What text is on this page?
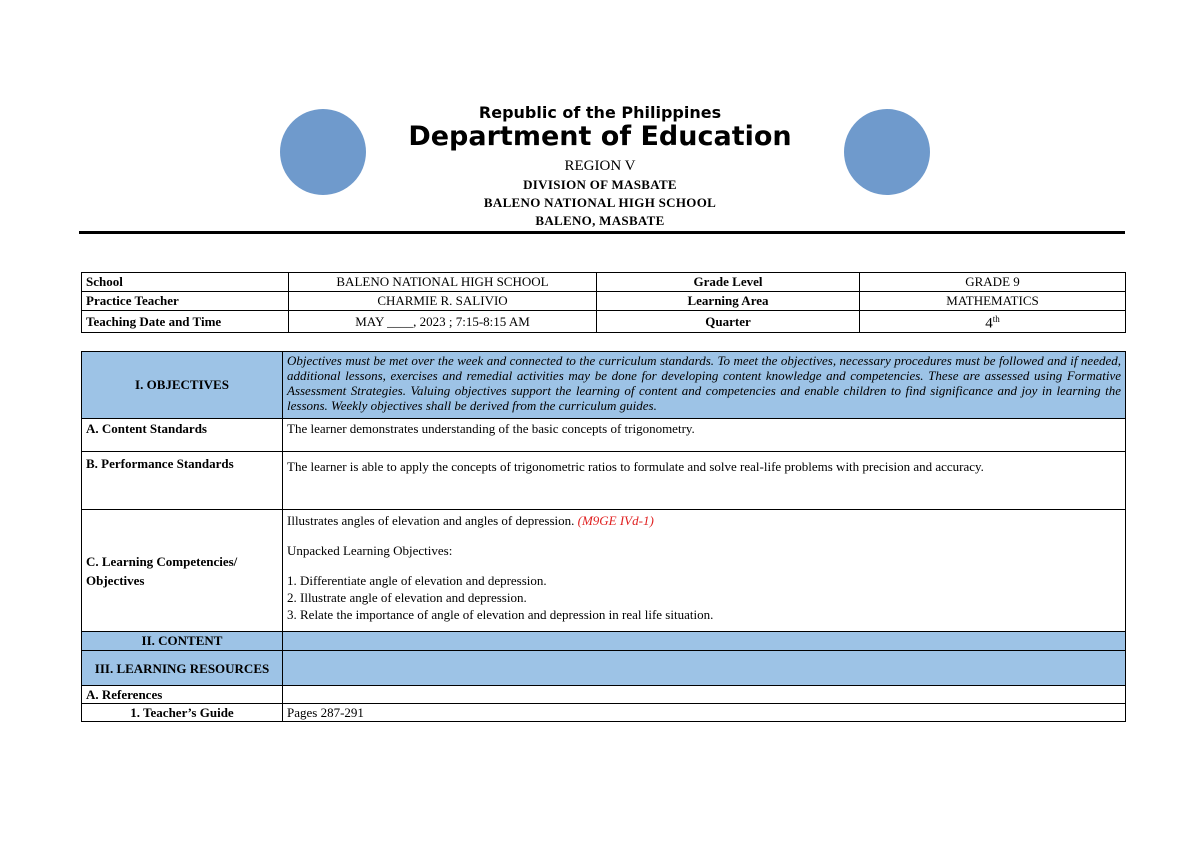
Republic of the Philippines
Department of Education
REGION V
DIVISION OF MASBATE
BALENO NATIONAL HIGH SCHOOL
BALENO, MASBATE
School	BALENO NATIONAL HIGH SCHOOL	Grade Level	GRADE 9
Practice Teacher	CHARMIE R. SALIVIO	Learning Area	MATHEMATICS
Teaching Date and Time	MAY ____, 2023 ; 7:15-8:15 AM	Quarter	4th
I. OBJECTIVES	Objectives must be met over the week and connected to the curriculum standards. To meet the objectives, necessary procedures must be followed and if needed, additional lessons, exercises and remedial activities may be done for developing content knowledge and competencies. These are assessed using Formative Assessment Strategies. Valuing objectives support the learning of content and competencies and enable children to find significance and joy in learning the lessons. Weekly objectives shall be derived from the curriculum guides.
A. Content Standards	The learner demonstrates understanding of the basic concepts of trigonometry.
B. Performance Standards	The learner is able to apply the concepts of trigonometric ratios to formulate and solve real-life problems with precision and accuracy.
C. Learning Competencies/ Objectives	Illustrates angles of elevation and angles of depression. (M9GE IVd-1)
Unpacked Learning Objectives:
1. Differentiate angle of elevation and depression.
2. Illustrate angle of elevation and depression.
3. Relate the importance of angle of elevation and depression in real life situation.

II. CONTENT	
III. LEARNING RESOURCES	
A. References	
1. Teacher’s Guide	Pages 287-291
